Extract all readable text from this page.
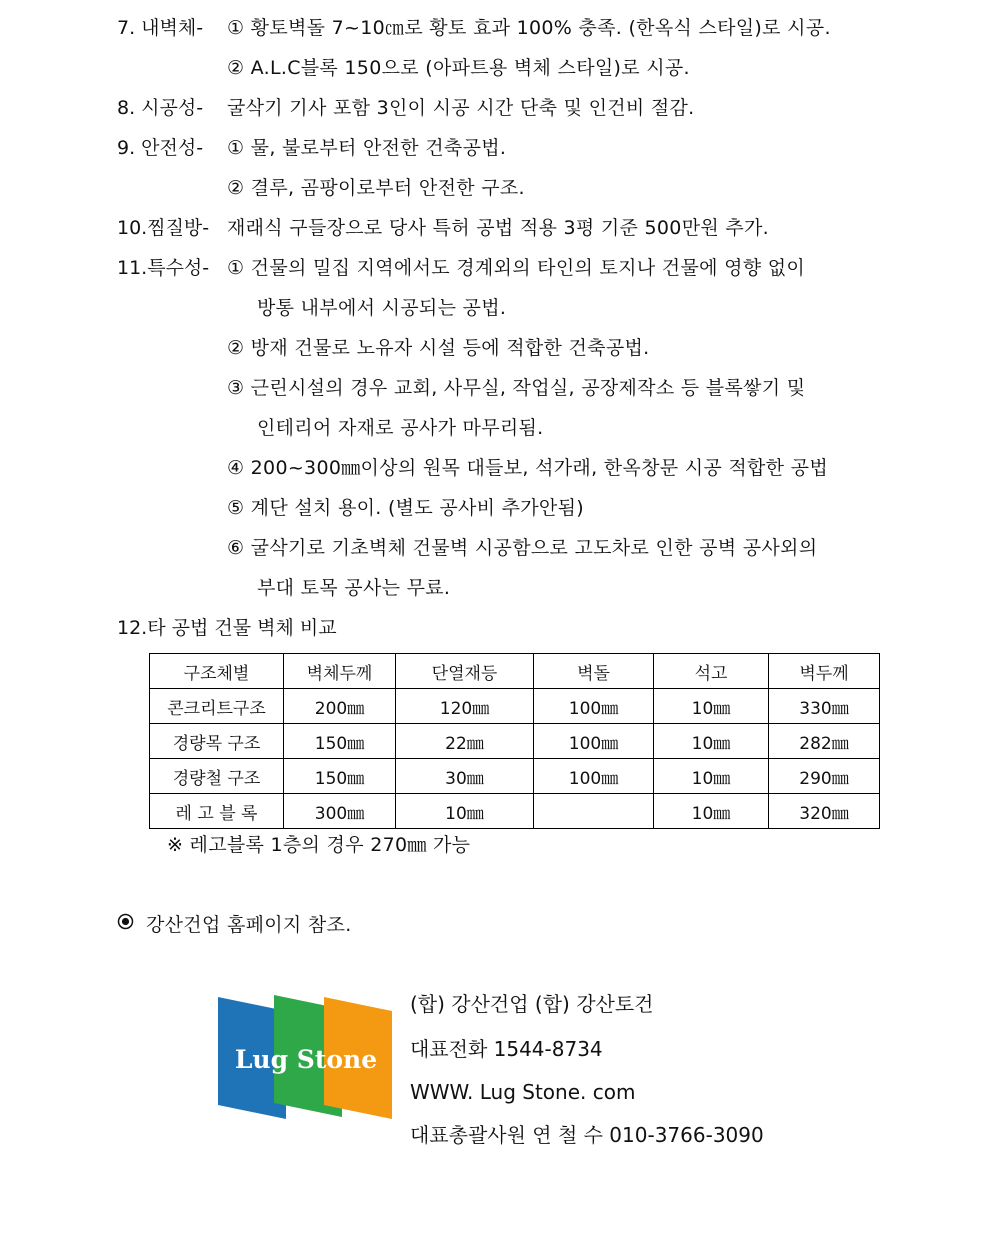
7. 내벽체- ① 황토벽돌 7~10㎝로 황토 효과 100% 충족. (한옥식 스타일)로 시공.
② A.L.C블록 150으로 (아파트용 벽체 스타일)로 시공.
8. 시공성- 굴삭기 기사 포함 3인이 시공 시간 단축 및 인건비 절감.
9. 안전성- ① 물, 불로부터 안전한 건축공법.
② 결루, 곰팡이로부터 안전한 구조.
10.찜질방- 재래식 구들장으로 당사 특허 공법 적용 3평 기준 500만원 추가.
11.특수성- ① 건물의 밀집 지역에서도 경계외의 타인의 토지나 건물에 영향 없이
방통 내부에서 시공되는 공법.
② 방재 건물로 노유자 시설 등에 적합한 건축공법.
③ 근린시설의 경우 교회, 사무실, 작업실, 공장제작소 등 블록쌓기 및
인테리어 자재로 공사가 마무리됨.
④ 200~300㎜이상의 원목 대들보, 석가래, 한옥창문 시공 적합한 공법
⑤ 계단 설치 용이. (별도 공사비 추가안됨)
⑥ 굴삭기로 기초벽체 건물벽 시공함으로 고도차로 인한 공벽 공사외의
부대 토목 공사는 무료.
12.타 공법 건물 벽체 비교
구조체별	벽체두께	단열재등	벽돌	석고	벽두께
콘크리트구조	200㎜	120㎜	100㎜	10㎜	330㎜
경량목 구조	150㎜	22㎜	100㎜	10㎜	282㎜
경량철 구조	150㎜	30㎜	100㎜	10㎜	290㎜
레 고 블 록	300㎜	10㎜		10㎜	320㎜
※ 레고블록 1층의 경우 270㎜ 가능
강산건업 홈페이지 참조.
Lug Stone
(합) 강산건업 (합) 강산토건
대표전화 1544-8734
WWW. Lug Stone. com
대표총괄사원 연 철 수 010-3766-3090
